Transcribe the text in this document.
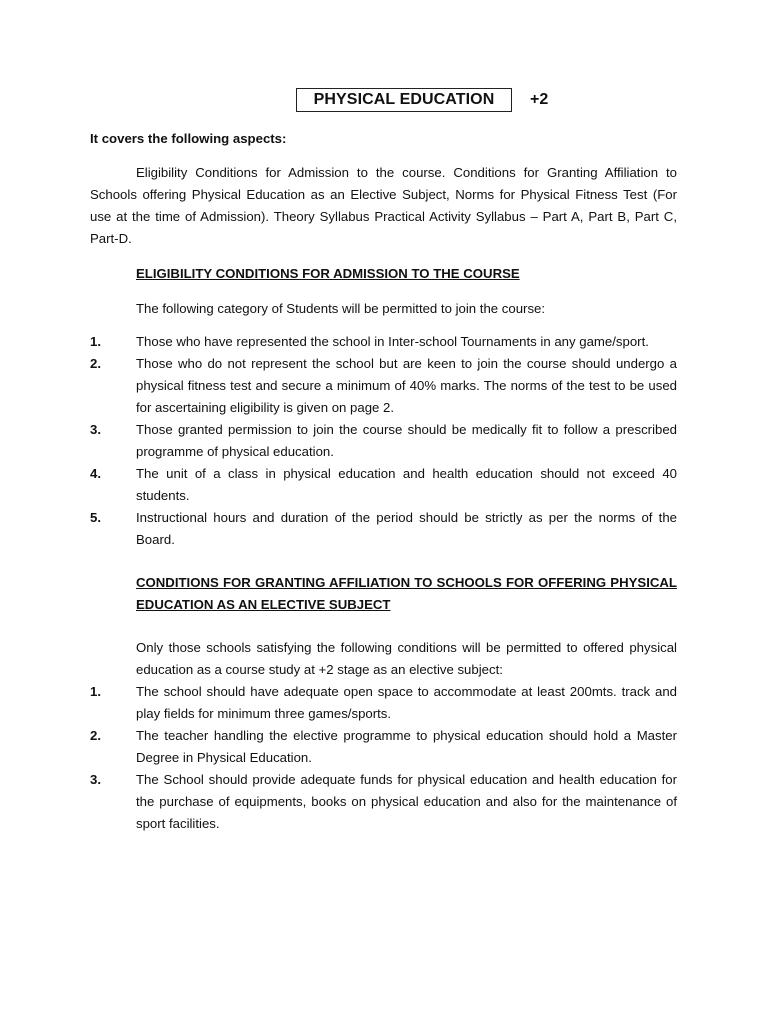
PHYSICAL EDUCATION	+2
It covers the following aspects:
Eligibility Conditions for Admission to the course. Conditions for Granting Affiliation to Schools offering Physical Education as an Elective Subject, Norms for Physical Fitness Test (For use at the time of Admission). Theory Syllabus Practical Activity Syllabus – Part A, Part B, Part C, Part-D.
ELIGIBILITY CONDITIONS FOR ADMISSION TO THE COURSE
The following category of Students will be permitted to join the course:
1.	Those who have represented the school in Inter-school Tournaments in any game/sport.
2.	Those who do not represent the school but are keen to join the course should undergo a physical fitness test and secure a minimum of 40% marks. The norms of the test to be used for ascertaining eligibility is given on page 2.
3.	Those granted permission to join the course should be medically fit to follow a prescribed programme of physical education.
4.	The unit of a class in physical education and health education should not exceed 40 students.
5.	Instructional hours and duration of the period should be strictly as per the norms of the Board.
CONDITIONS FOR GRANTING AFFILIATION TO SCHOOLS FOR OFFERING PHYSICAL EDUCATION AS AN ELECTIVE SUBJECT
Only those schools satisfying the following conditions will be permitted to offered physical education as a course study at +2 stage as an elective subject:
1.	The school should have adequate open space to accommodate at least 200mts. track and play fields for minimum three games/sports.
2.	The teacher handling the elective programme to physical education should hold a Master Degree in Physical Education.
3.	The School should provide adequate funds for physical education and health education for the purchase of equipments, books on physical education and also for the maintenance of sport facilities.
